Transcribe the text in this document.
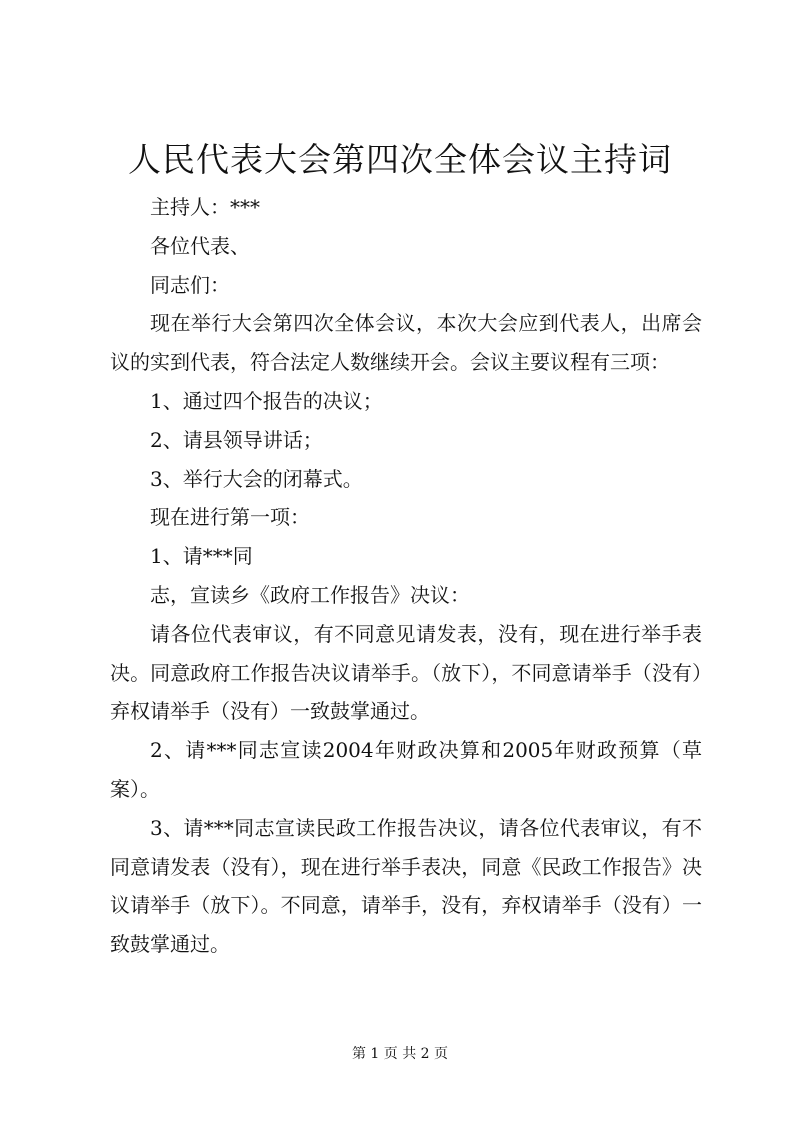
人民代表大会第四次全体会议主持词

主持人：***

各位代表、

同志们：

现在举行大会第四次全体会议，本次大会应到代表人，出席会议的实到代表，符合法定人数继续开会。会议主要议程有三项：

1、通过四个报告的决议；

2、请县领导讲话；

3、举行大会的闭幕式。

现在进行第一项：

1、请***同

志，宣读乡《政府工作报告》决议：

请各位代表审议，有不同意见请发表，没有，现在进行举手表决。同意政府工作报告决议请举手。（放下），不同意请举手（没有）弃权请举手（没有）一致鼓掌通过。

2、请***同志宣读2004年财政决算和2005年财政预算（草案）。

3、请***同志宣读民政工作报告决议，请各位代表审议，有不同意请发表（没有），现在进行举手表决，同意《民政工作报告》决议请举手（放下）。不同意，请举手，没有，弃权请举手（没有）一致鼓掌通过。

第 1 页 共 2 页
